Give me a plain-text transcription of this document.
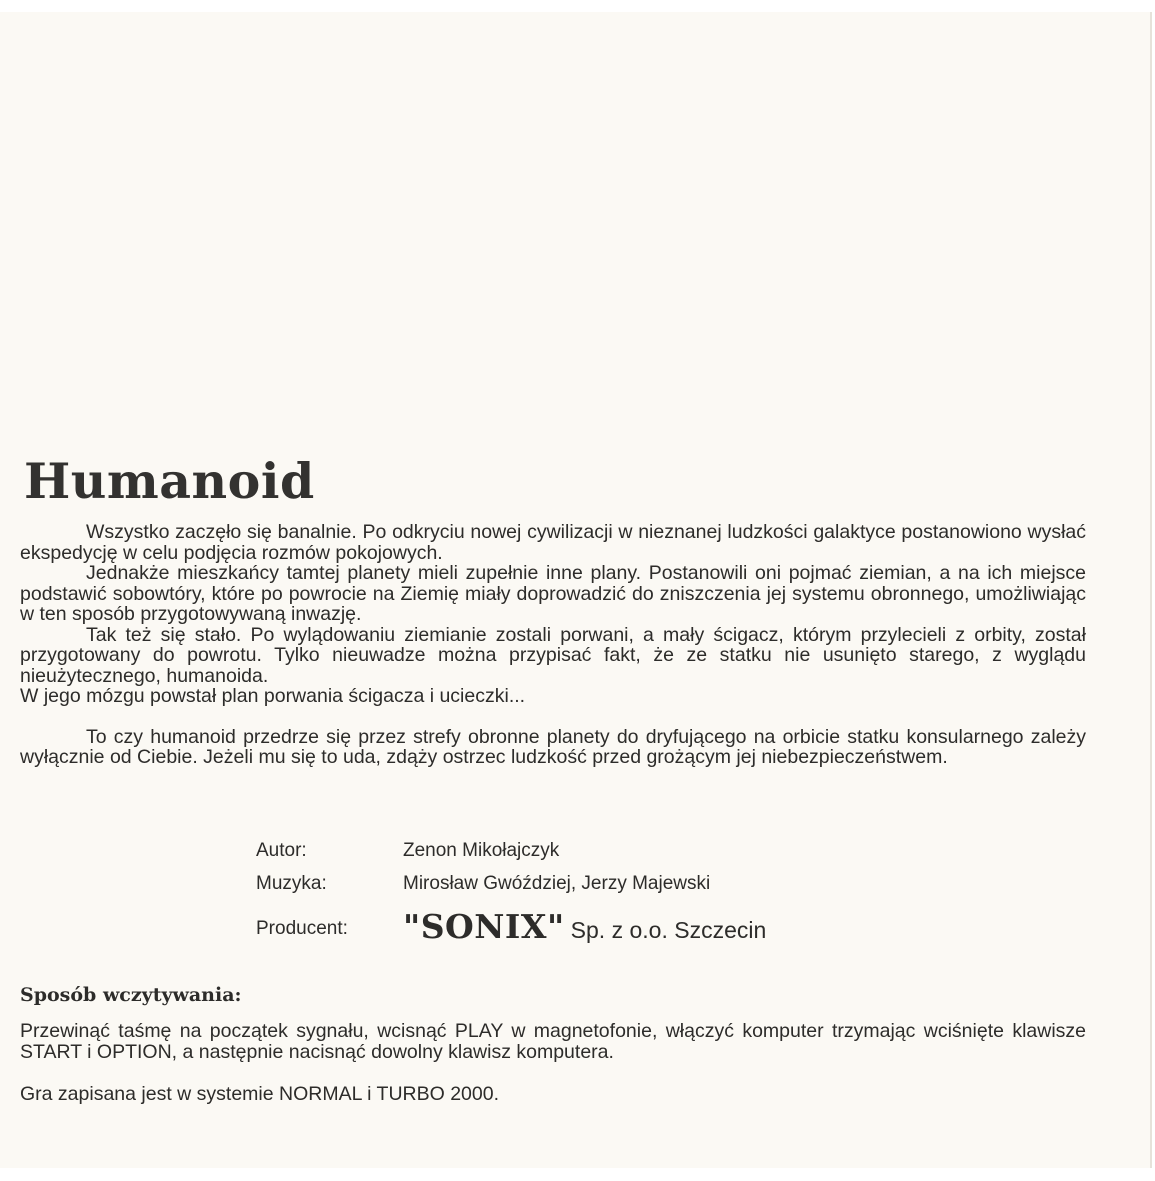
Humanoid

Wszystko zaczęło się banalnie. Po odkryciu nowej cywilizacji w nieznanej ludzkości galaktyce postanowiono wysłać ekspedycję w celu podjęcia rozmów pokojowych.

Jednakże mieszkańcy tamtej planety mieli zupełnie inne plany. Postanowili oni pojmać ziemian, a na ich miejsce podstawić sobowtóry, które po powrocie na Ziemię miały doprowadzić do zniszczenia jej systemu obronnego, umożliwiając w ten sposób przygotowywaną inwazję.

Tak też się stało. Po wylądowaniu ziemianie zostali porwani, a mały ścigacz, którym przylecieli z orbity, został przygotowany do powrotu. Tylko nieuwadze można przypisać fakt, że ze statku nie usunięto starego, z wyglądu nieużytecznego, humanoida.

W jego mózgu powstał plan porwania ścigacza i ucieczki...

To czy humanoid przedrze się przez strefy obronne planety do dryfującego na orbicie statku konsularnego zależy wyłącznie od Ciebie. Jeżeli mu się to uda, zdąży ostrzec ludzkość przed grożącym jej niebezpieczeństwem.

Autor:	Zenon Mikołajczyk
Muzyka:	Mirosław Gwóździej, Jerzy Majewski
Producent: "SONIX" Sp. z o.o. Szczecin
Sposób wczytywania:

Przewinąć taśmę na początek sygnału, wcisnąć PLAY w magnetofonie, włączyć komputer trzymając wciśnięte klawisze START i OPTION, a następnie nacisnąć dowolny klawisz komputera.

Gra zapisana jest w systemie NORMAL i TURBO 2000.
